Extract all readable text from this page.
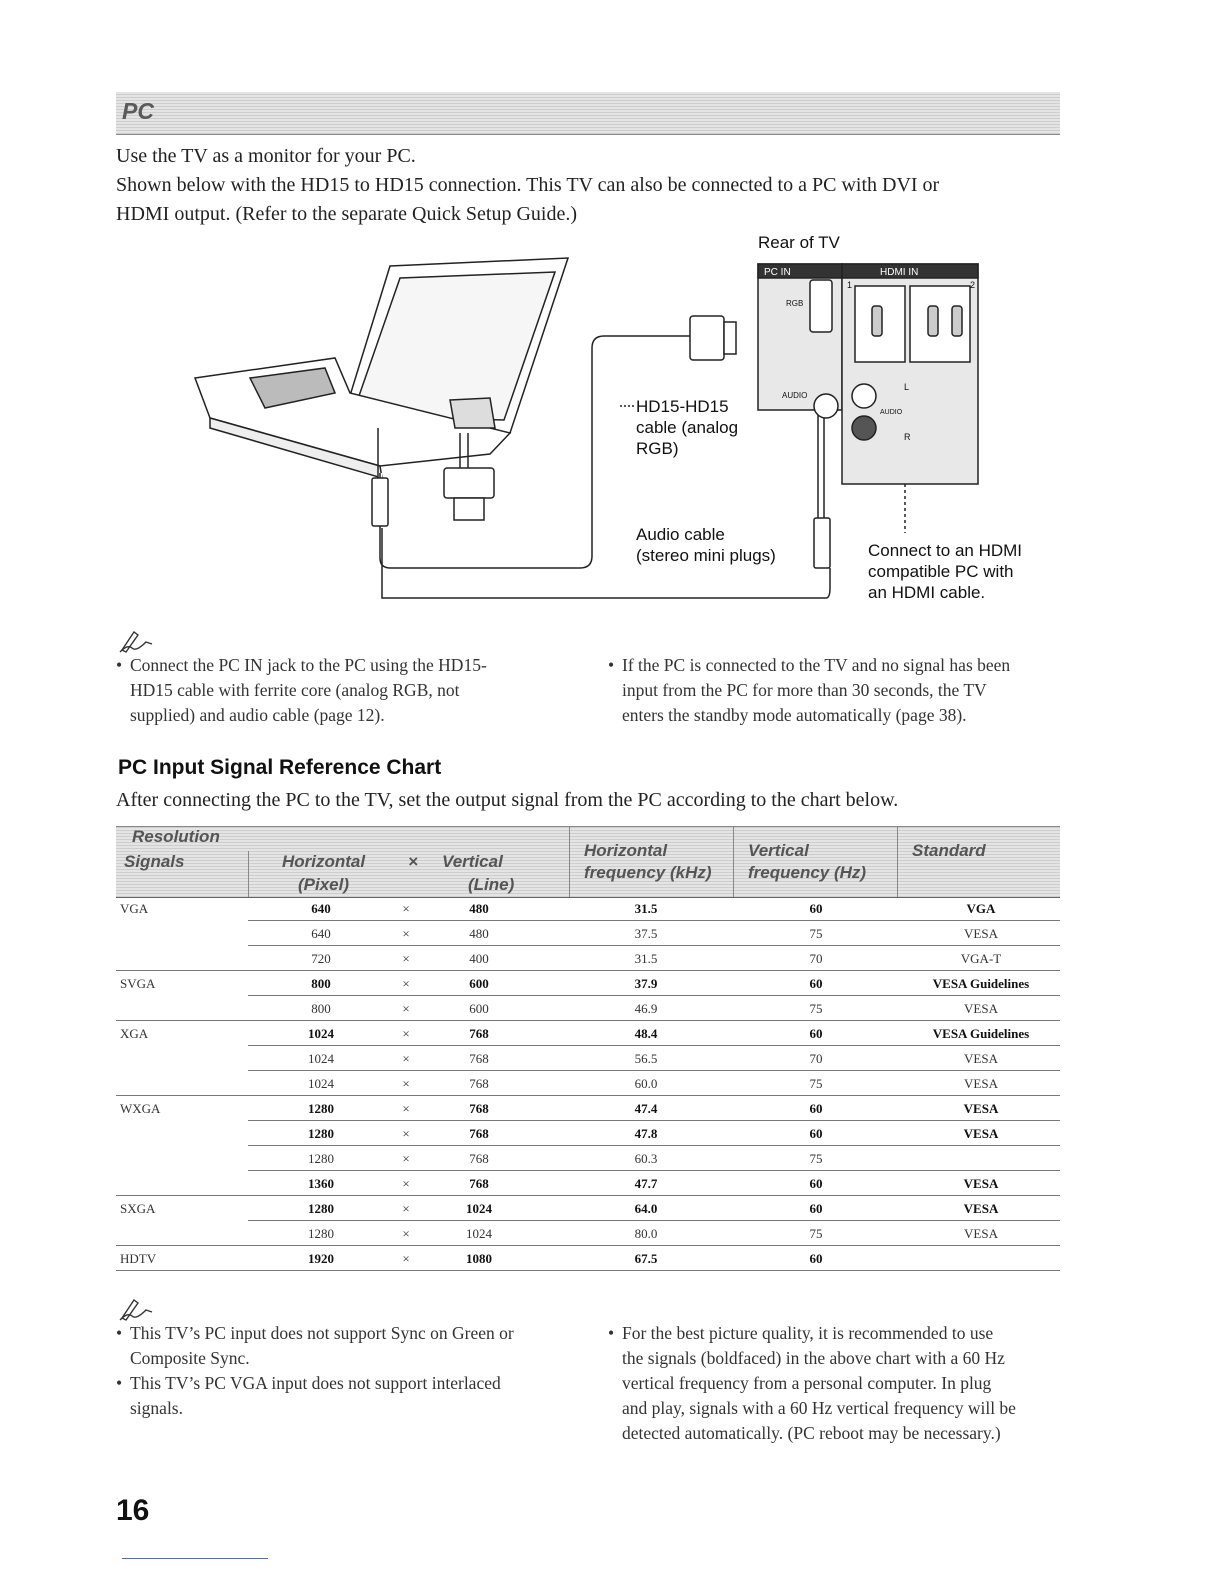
PC
Use the TV as a monitor for your PC.
Shown below with the HD15 to HD15 connection. This TV can also be connected to a PC with DVI or
HDMI output. (Refer to the separate Quick Setup Guide.)
Rear of TV
PC IN	HDMI IN
1	2
RGB
AUDIO
AUDIO
L
R
HD15-HD15
cable (analog
RGB)
Audio cable
(stereo mini plugs)	Connect to an HDMI
compatible PC with
an HDMI cable.
• Connect the PC IN jack to the PC using the HD15-
HD15 cable with ferrite core (analog RGB, not
supplied) and audio cable (page 12).
• If the PC is connected to the TV and no signal has been
input from the PC for more than 30 seconds, the TV
enters the standby mode automatically (page 38).
PC Input Signal Reference Chart
After connecting the PC to the TV, set the output signal from the PC according to the chart below.
Resolution
Signals	Horizontal	× Vertical
(Pixel)	(Line)
Horizontal
frequency (kHz)
Vertical
frequency (Hz)
Standard
VGA	640	×	480	31.5	60	VGA
640	×	480	37.5	75	VESA
720	×	400	31.5	70	VGA-T
SVGA	800	×	600	37.9	60	VESA Guidelines
800	×	600	46.9	75	VESA
XGA	1024	×	768	48.4	60	VESA Guidelines
1024	×	768	56.5	70	VESA
1024	×	768	60.0	75	VESA
WXGA	1280	×	768	47.4	60	VESA
1280	×	768	47.8	60	VESA
1280	×	768	60.3	75
1360	×	768	47.7	60	VESA
SXGA	1280	×	1024	64.0	60	VESA
1280	×	1024	80.0	75	VESA
HDTV	1920	×	1080	67.5	60
• This TV’s PC input does not support Sync on Green or
Composite Sync.
• This TV’s PC VGA input does not support interlaced
signals.
• For the best picture quality, it is recommended to use
the signals (boldfaced) in the above chart with a 60 Hz
vertical frequency from a personal computer. In plug
and play, signals with a 60 Hz vertical frequency will be
detected automatically. (PC reboot may be necessary.)
16
